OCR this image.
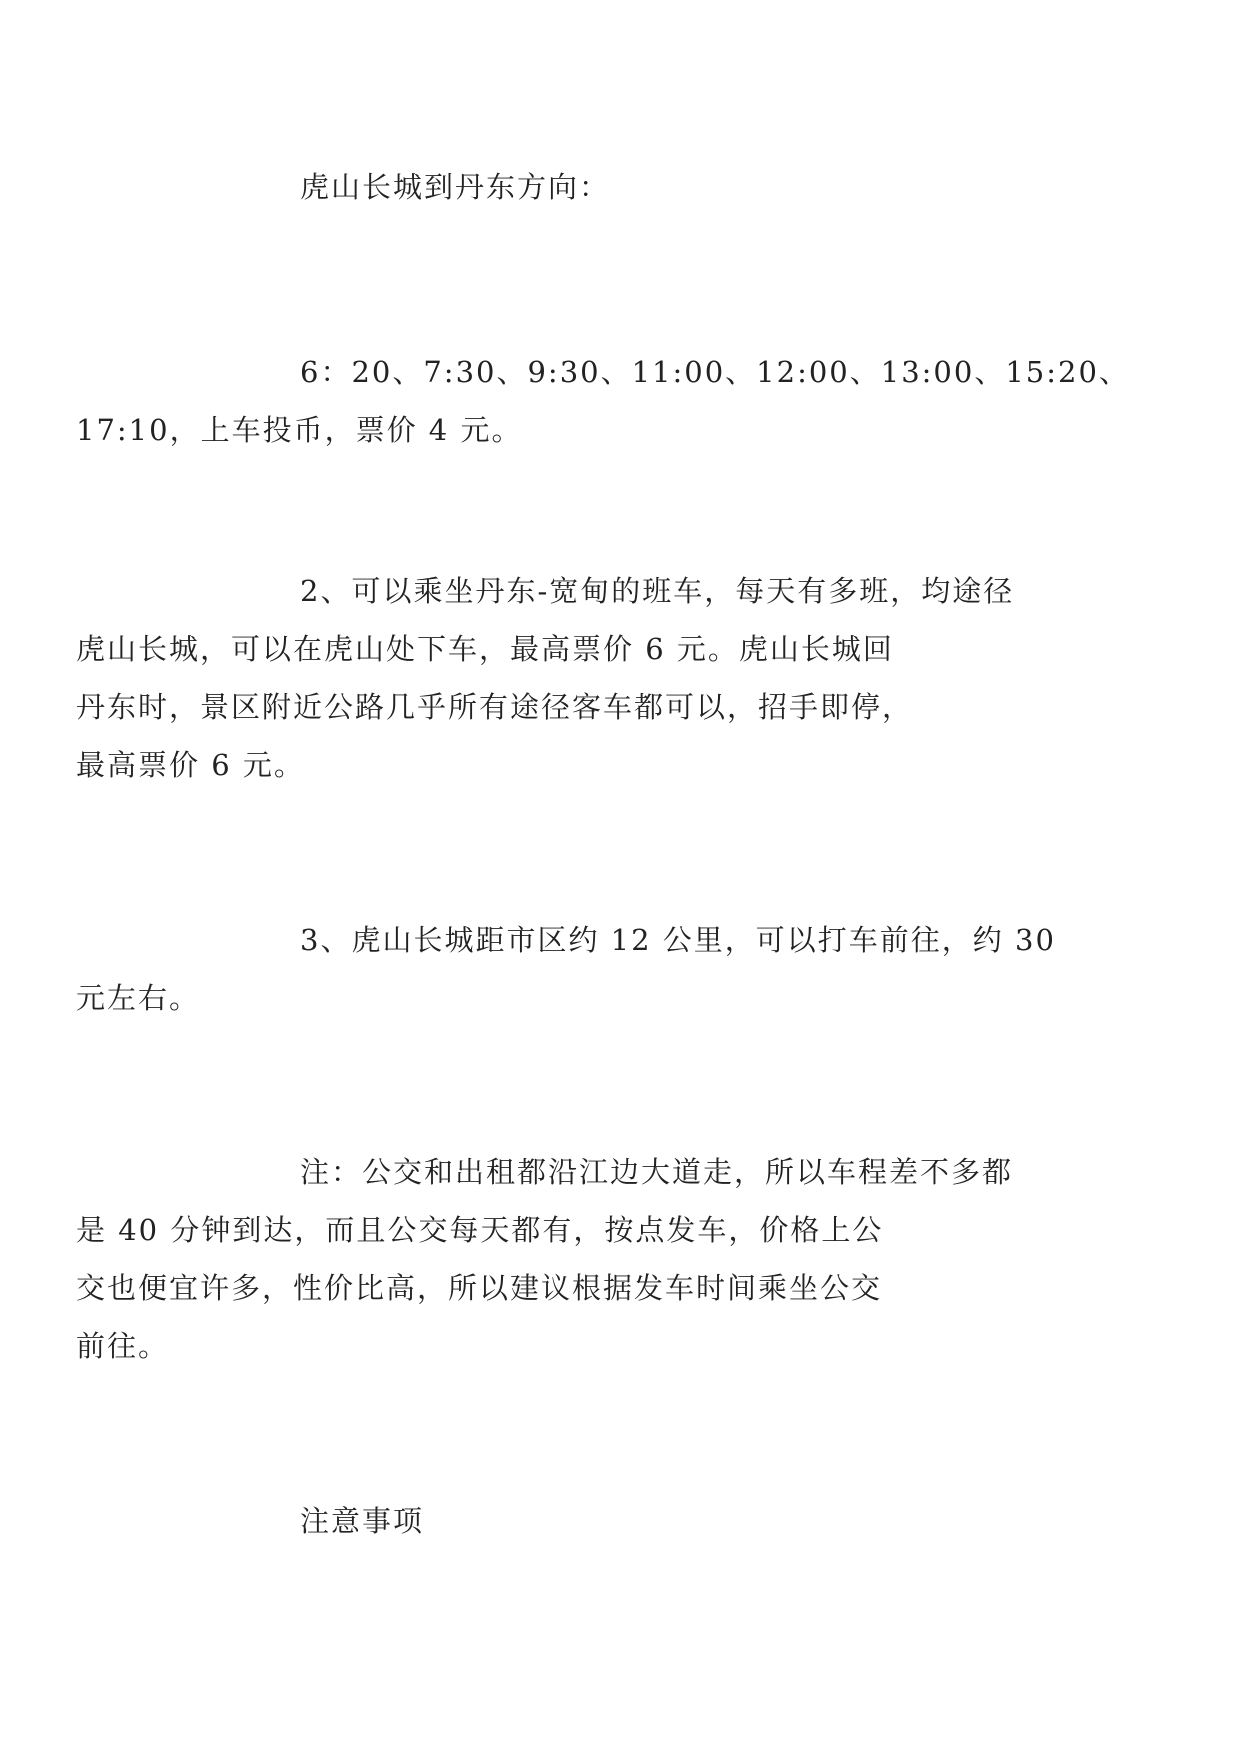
虎山长城到丹东方向：
6：20、7:30、9:30、11:00、12:00、13:00、15:20、
17:10，上车投币，票价 4 元。
2、可以乘坐丹东-宽甸的班车，每天有多班，均途径
虎山长城，可以在虎山处下车，最高票价 6 元。虎山长城回
丹东时，景区附近公路几乎所有途径客车都可以，招手即停，
最高票价 6 元。
3、虎山长城距市区约 12 公里，可以打车前往，约 30
元左右。
注：公交和出租都沿江边大道走，所以车程差不多都
是 40 分钟到达，而且公交每天都有，按点发车，价格上公
交也便宜许多，性价比高，所以建议根据发车时间乘坐公交
前往。
注意事项
